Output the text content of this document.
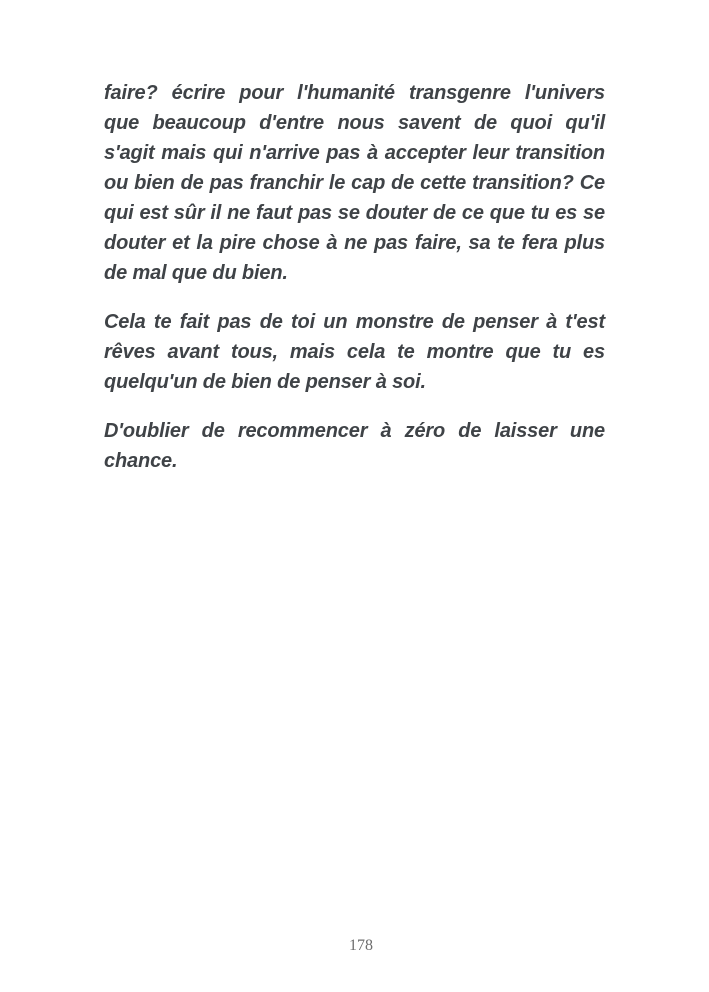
faire? écrire pour l'humanité transgenre l'univers
que beaucoup d'entre nous savent de quoi qu'il
s'agit mais qui n'arrive pas à accepter leur transition
ou bien de pas franchir le cap de cette transition? Ce
qui est sûr il ne faut pas se douter de ce que tu es se
douter et la pire chose à ne pas faire, sa te fera plus
de mal que du bien.
Cela te fait pas de toi un monstre de penser à t'est
rêves avant tous, mais cela te montre que tu es
quelqu'un de bien de penser à soi.
D'oublier de recommencer à zéro de laisser une
chance.
178
